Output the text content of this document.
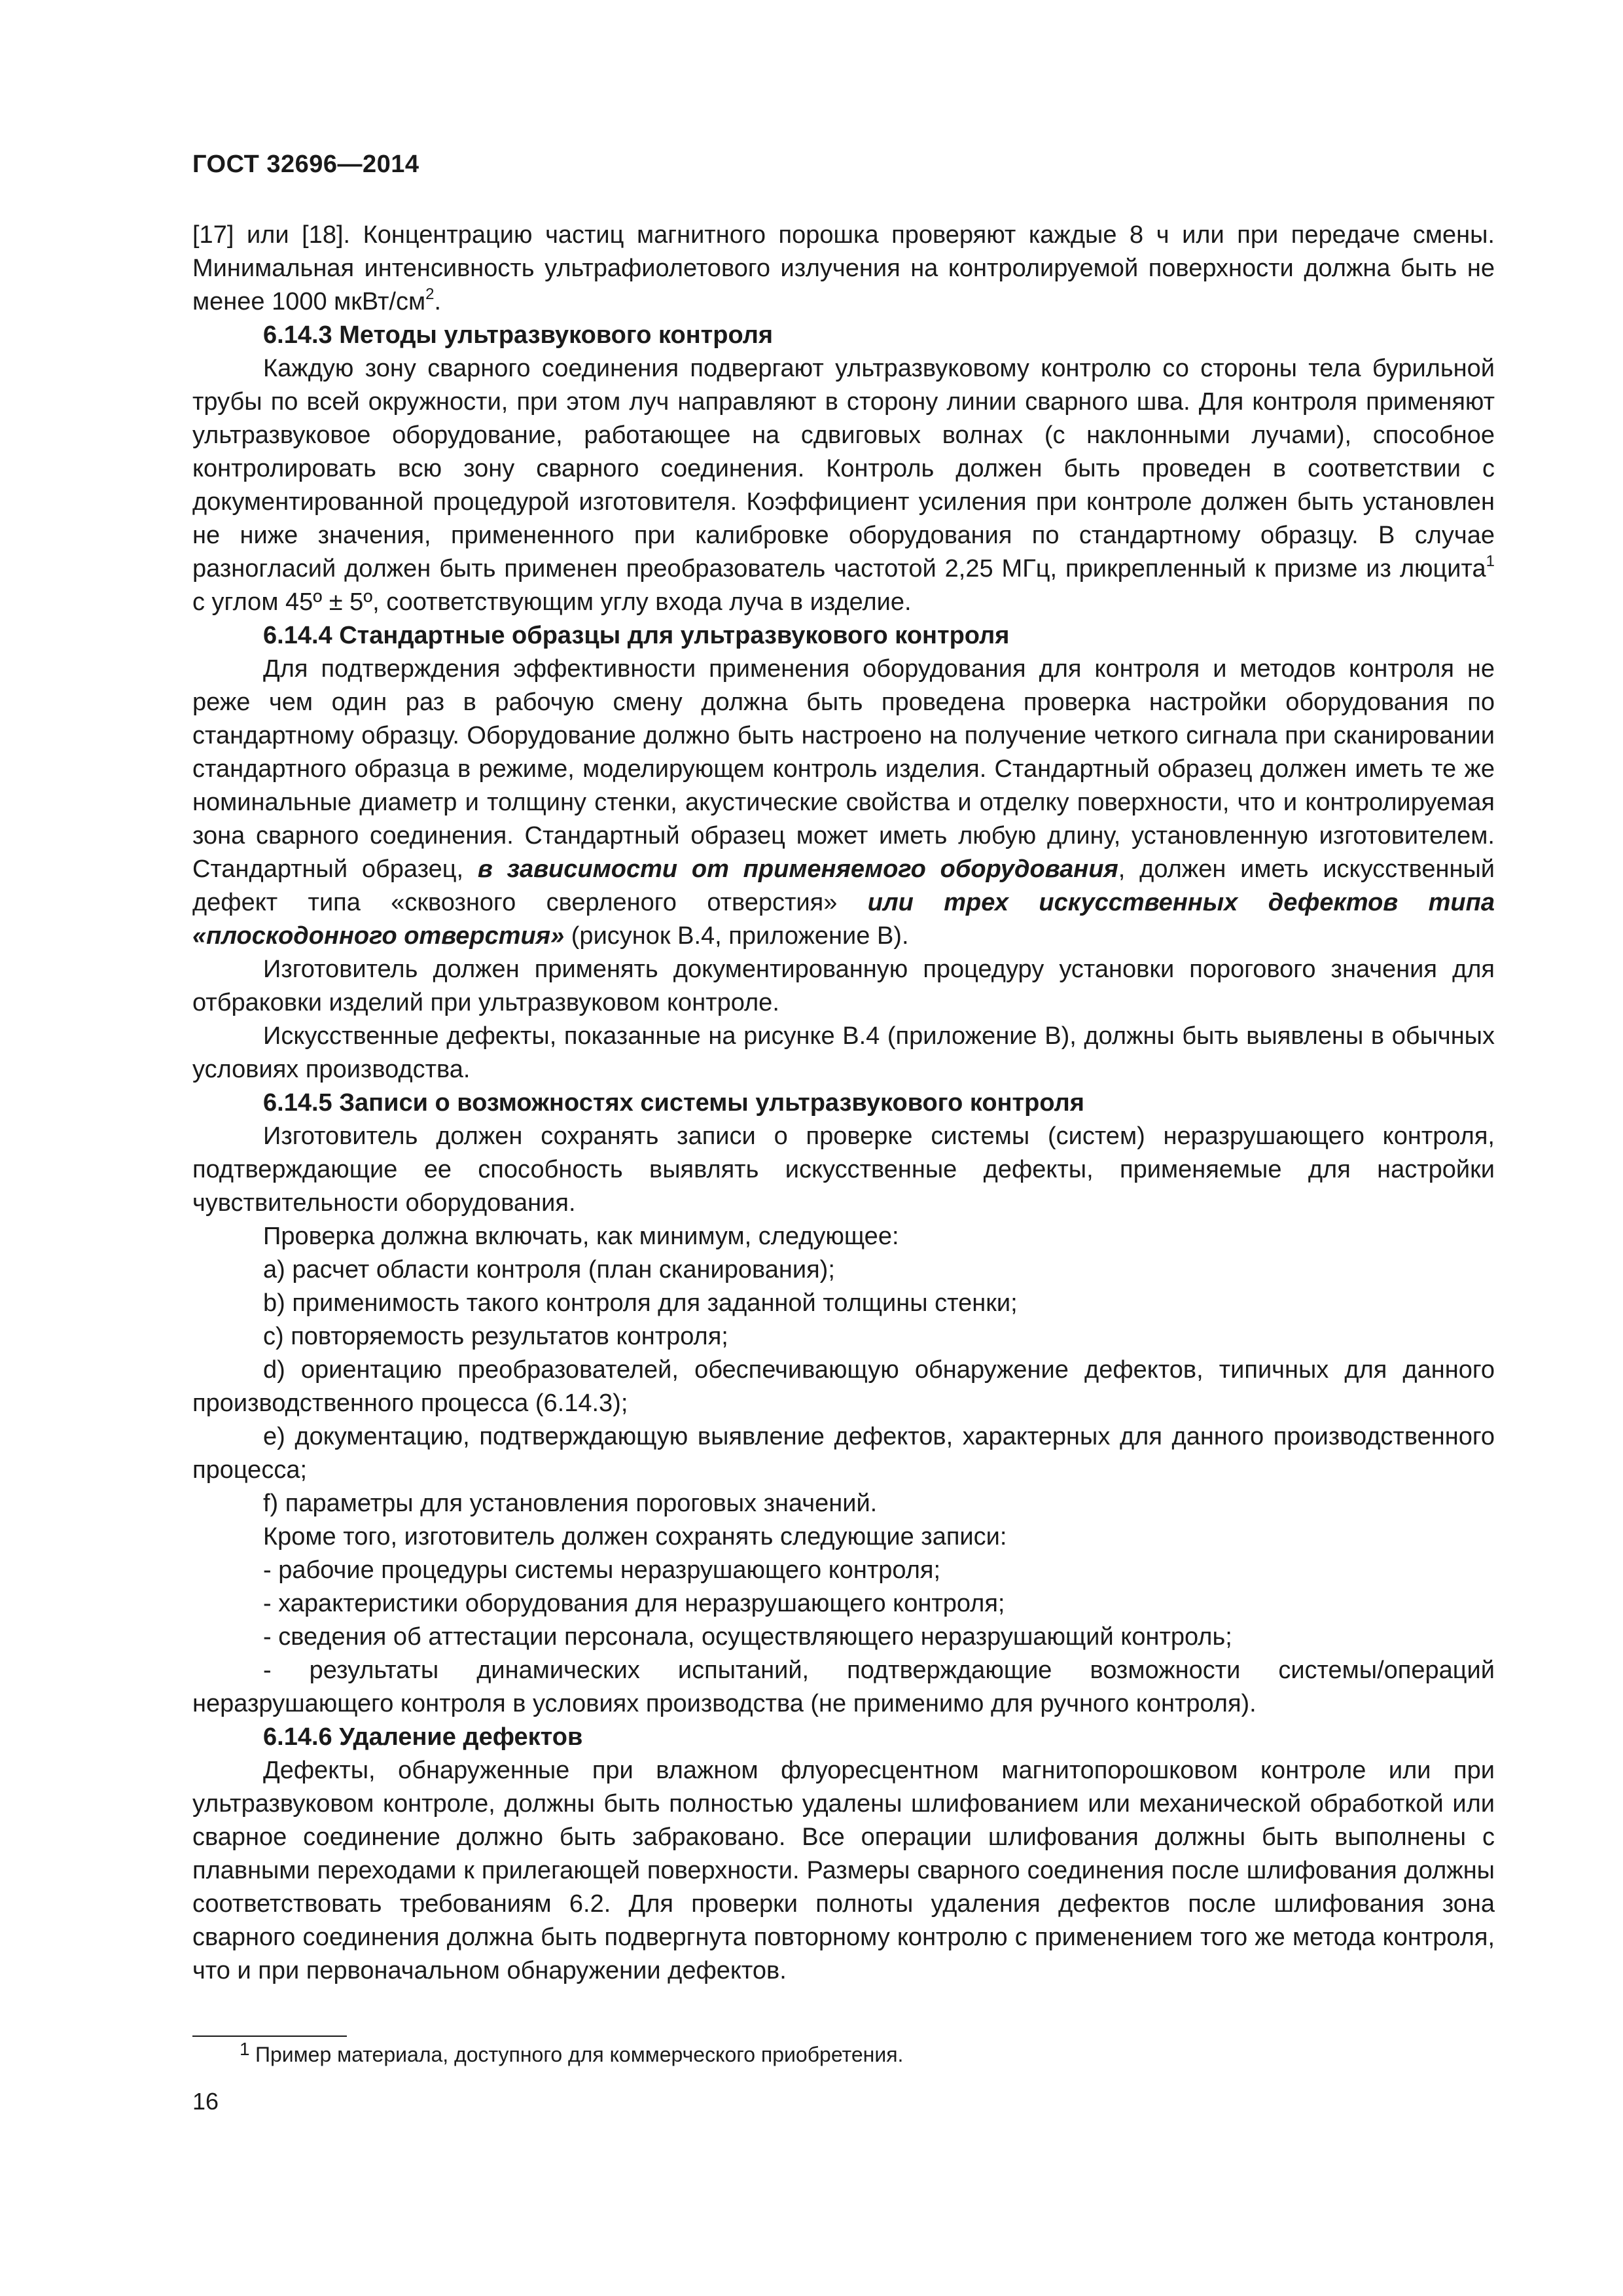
ГОСТ 32696—2014

[17] или [18]. Концентрацию частиц магнитного порошка проверяют каждые 8 ч или при передаче смены. Минимальная интенсивность ультрафиолетового излучения на контролируемой поверхности должна быть не менее 1000 мкВт/$см^2$.

6.14.3 Методы ультразвукового контроля

Каждую зону сварного соединения подвергают ультразвуковому контролю со стороны тела бурильной трубы по всей окружности, при этом луч направляют в сторону линии сварного шва. Для контроля применяют ультразвуковое оборудование, работающее на сдвиговых волнах (с наклонными лучами), способное контролировать всю зону сварного соединения. Контроль должен быть проведен в соответствии с документированной процедурой изготовителя. Коэффициент усиления при контроле должен быть установлен не ниже значения, примененного при калибровке оборудования по стандартному образцу. В случае разногласий должен быть применен преобразователь частотой 2,25 МГц, прикрепленный к призме из люцита$^1$ с углом 45º ± 5º, соответствующим углу входа луча в изделие.

6.14.4 Стандартные образцы для ультразвукового контроля

Для подтверждения эффективности применения оборудования для контроля и методов контроля не реже чем один раз в рабочую смену должна быть проведена проверка настройки оборудования по стандартному образцу. Оборудование должно быть настроено на получение четкого сигнала при сканировании стандартного образца в режиме, моделирующем контроль изделия. Стандартный образец должен иметь те же номинальные диаметр и толщину стенки, акустические свойства и отделку поверхности, что и контролируемая зона сварного соединения. Стандартный образец может иметь любую длину, установленную изготовителем. Стандартный образец, в зависимости от применяемого оборудования, должен иметь искусственный дефект типа «сквозного сверленого отверстия» или трех искусственных дефектов типа «плоскодонного отверстия» (рисунок В.4, приложение В).

Изготовитель должен применять документированную процедуру установки порогового значения для отбраковки изделий при ультразвуковом контроле.

Искусственные дефекты, показанные на рисунке В.4 (приложение В), должны быть выявлены в обычных условиях производства.

6.14.5 Записи о возможностях системы ультразвукового контроля

Изготовитель должен сохранять записи о проверке системы (систем) неразрушающего контроля, подтверждающие ее способность выявлять искусственные дефекты, применяемые для настройки чувствительности оборудования.

Проверка должна включать, как минимум, следующее:

a) расчет области контроля (план сканирования);

b) применимость такого контроля для заданной толщины стенки;

c) повторяемость результатов контроля;

d) ориентацию преобразователей, обеспечивающую обнаружение дефектов, типичных для данного производственного процесса (6.14.3);

e) документацию, подтверждающую выявление дефектов, характерных для данного производственного процесса;

f) параметры для установления пороговых значений.

Кроме того, изготовитель должен сохранять следующие записи:

- рабочие процедуры системы неразрушающего контроля;

- характеристики оборудования для неразрушающего контроля;

- сведения об аттестации персонала, осуществляющего неразрушающий контроль;

- результаты динамических испытаний, подтверждающие возможности системы/операций неразрушающего контроля в условиях производства (не применимо для ручного контроля).

6.14.6 Удаление дефектов

Дефекты, обнаруженные при влажном флуоресцентном магнитопорошковом контроле или при ультразвуковом контроле, должны быть полностью удалены шлифованием или механической обработкой или сварное соединение должно быть забраковано. Все операции шлифования должны быть выполнены с плавными переходами к прилегающей поверхности. Размеры сварного соединения после шлифования должны соответствовать требованиям 6.2. Для проверки полноты удаления дефектов после шлифования зона сварного соединения должна быть подвергнута повторному контролю с применением того же метода контроля, что и при первоначальном обнаружении дефектов.

1 Пример материала, доступного для коммерческого приобретения.
16
